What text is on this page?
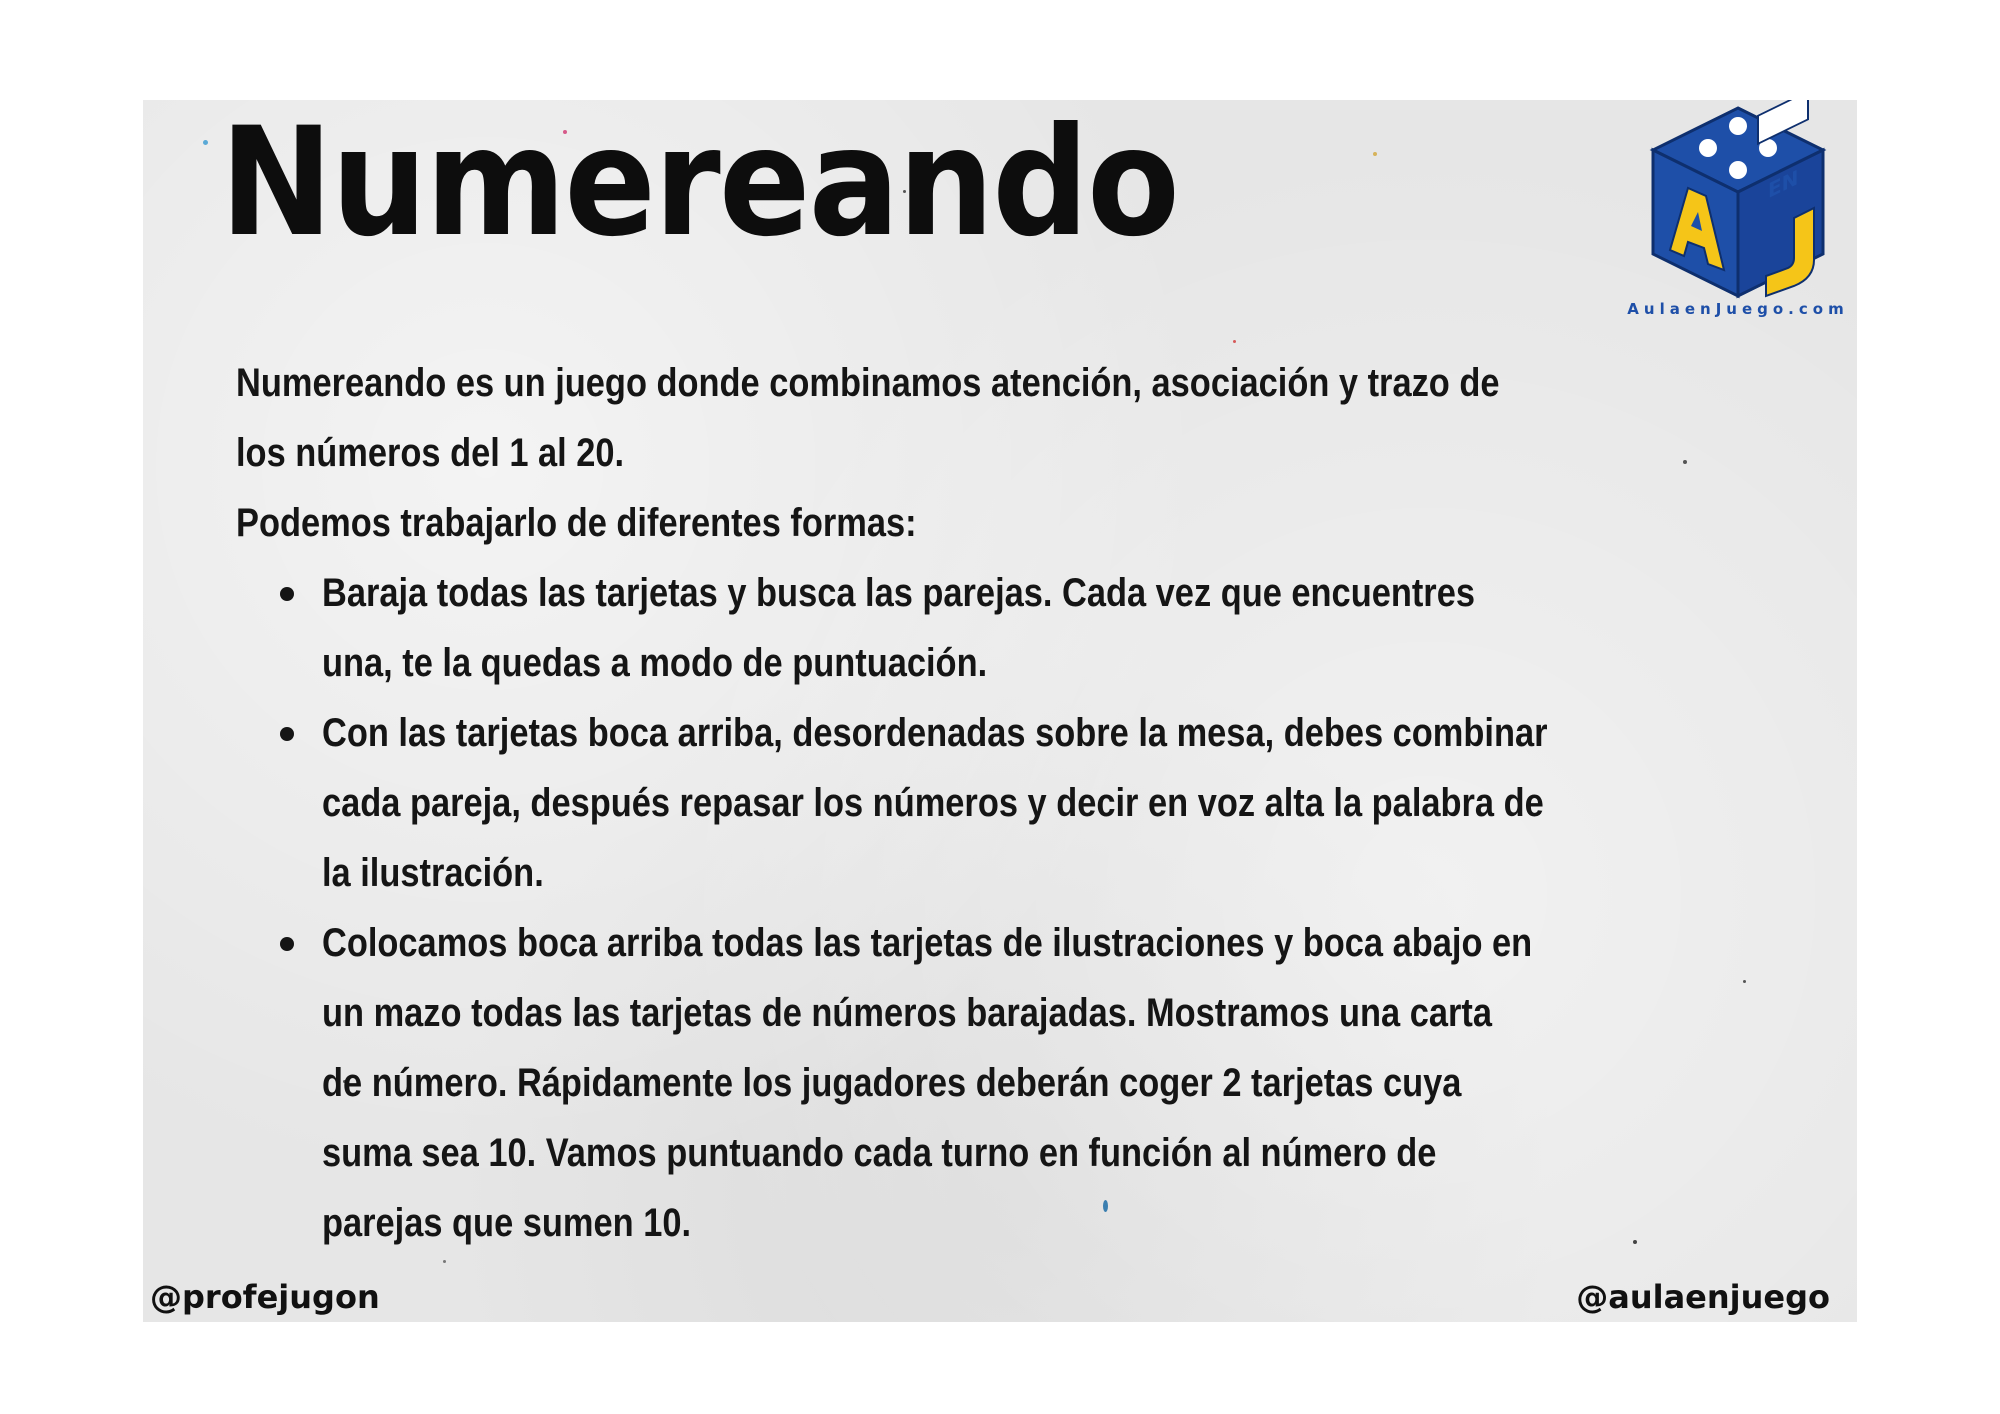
Numereando	EN
AulaenJuego.com

Numereando es un juego donde combinamos atención, asociación y trazo de

los números del 1 al 20.

Podemos trabajarlo de diferentes formas:

Baraja todas las tarjetas y busca las parejas. Cada vez que encuentres
una, te la quedas a modo de puntuación.
Con las tarjetas boca arriba, desordenadas sobre la mesa, debes combinar
cada pareja, después repasar los números y decir en voz alta la palabra de
la ilustración.
Colocamos boca arriba todas las tarjetas de ilustraciones y boca abajo en
un mazo todas las tarjetas de números barajadas. Mostramos una carta
de número. Rápidamente los jugadores deberán coger 2 tarjetas cuya
suma sea 10. Vamos puntuando cada turno en función al número de
parejas que sumen 10.
@profejugon	@aulaenjuego
